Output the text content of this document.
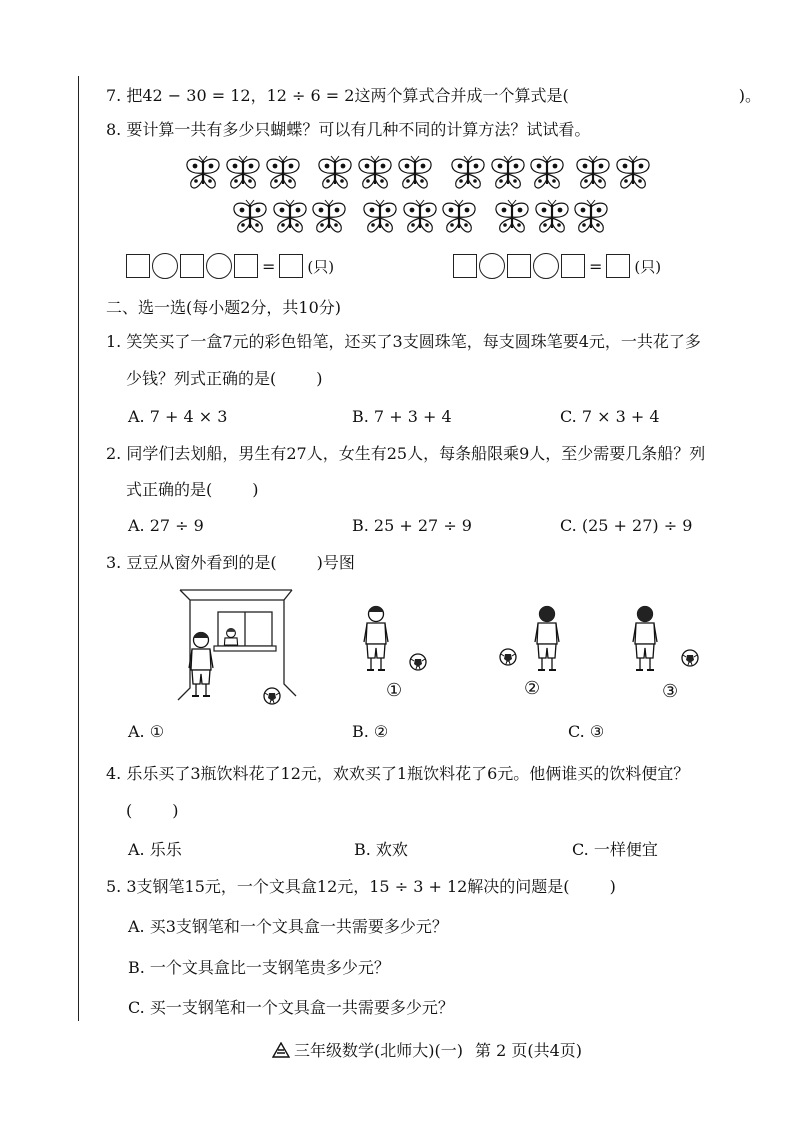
7. 把42 − 30 = 12，12 ÷ 6 = 2这两个算式合并成一个算式是(	)。
8. 要计算一共有多少只蝴蝶？可以有几种不同的计算方法？试试看。
= (只)	= (只)
二、选一选(每小题2分，共10分)
1. 笑笑买了一盒7元的彩色铅笔，还买了3支圆珠笔，每支圆珠笔要4元，一共花了多
少钱？列式正确的是(	)
A. 7 + 4 × 3	B. 7 + 3 + 4	C. 7 × 3 + 4
2. 同学们去划船，男生有27人，女生有25人，每条船限乘9人，至少需要几条船？列
式正确的是(	)
A. 27 ÷ 9	B. 25 + 27 ÷ 9	C. (25 + 27) ÷ 9
3. 豆豆从窗外看到的是(	)号图
①	②	③
A. ①	B. ②	C. ③
4. 乐乐买了3瓶饮料花了12元，欢欢买了1瓶饮料花了6元。他俩谁买的饮料便宜？
(	)
A. 乐乐	B. 欢欢	C. 一样便宜
5. 3支钢笔15元，一个文具盒12元，15 ÷ 3 + 12解决的问题是(	)
A. 买3支钢笔和一个文具盒一共需要多少元？
B. 一个文具盒比一支钢笔贵多少元？
C. 买一支钢笔和一个文具盒一共需要多少元？
三年级数学(北师大)(一) 第 2 页(共4页)
